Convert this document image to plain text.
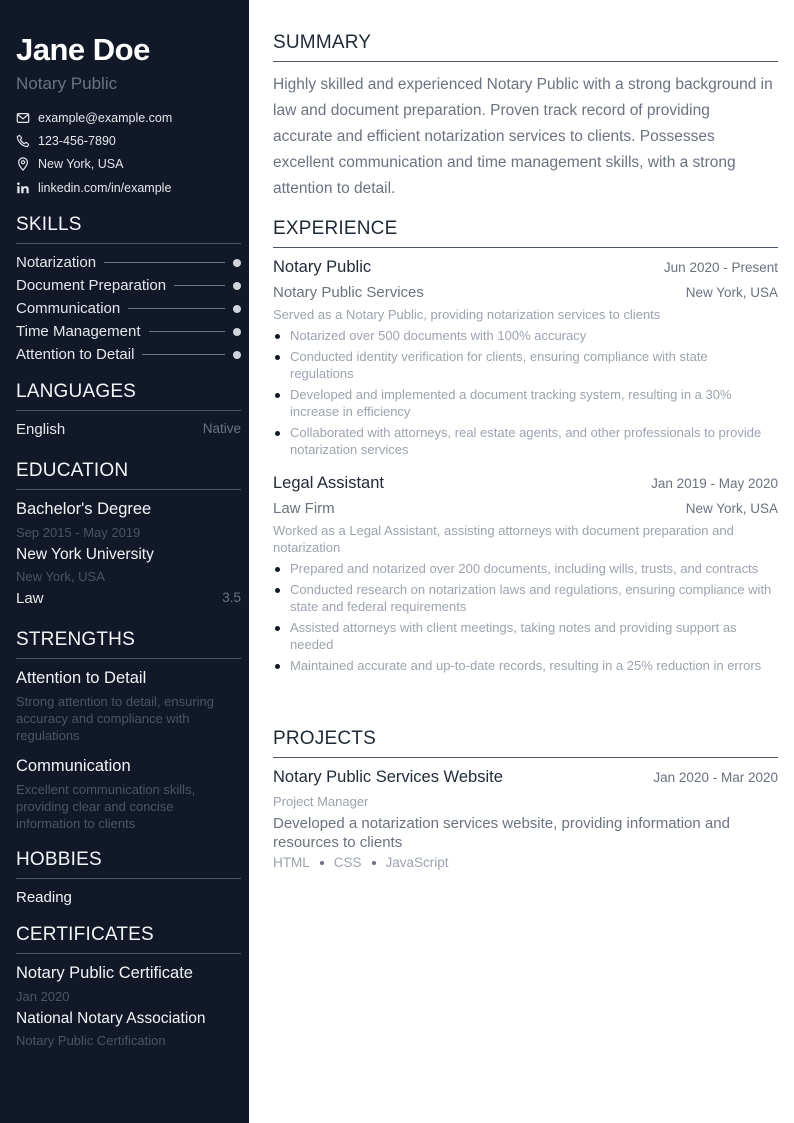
Jane Doe
Notary Public
example@example.com
123-456-7890
New York, USA
linkedin.com/in/example
SKILLS
Notarization
Document Preparation
Communication
Time Management
Attention to Detail
LANGUAGES
English	Native
EDUCATION
Bachelor's Degree
Sep 2015 - May 2019
New York University
New York, USA
Law	3.5
STRENGTHS
Attention to Detail
Strong attention to detail, ensuring accuracy and compliance with regulations
Communication
Excellent communication skills, providing clear and concise information to clients
HOBBIES
Reading
CERTIFICATES
Notary Public Certificate
Jan 2020
National Notary Association
Notary Public Certification
SUMMARY
Highly skilled and experienced Notary Public with a strong background in law and document preparation. Proven track record of providing accurate and efficient notarization services to clients. Possesses excellent communication and time management skills, with a strong attention to detail.
EXPERIENCE
Notary Public	Jun 2020 - Present
Notary Public Services	New York, USA
Served as a Notary Public, providing notarization services to clients
Notarized over 500 documents with 100% accuracy
Conducted identity verification for clients, ensuring compliance with state regulations
Developed and implemented a document tracking system, resulting in a 30% increase in efficiency
Collaborated with attorneys, real estate agents, and other professionals to provide notarization services
Legal Assistant	Jan 2019 - May 2020
Law Firm	New York, USA
Worked as a Legal Assistant, assisting attorneys with document preparation and notarization
Prepared and notarized over 200 documents, including wills, trusts, and contracts
Conducted research on notarization laws and regulations, ensuring compliance with state and federal requirements
Assisted attorneys with client meetings, taking notes and providing support as needed
Maintained accurate and up-to-date records, resulting in a 25% reduction in errors
PROJECTS
Notary Public Services Website	Jan 2020 - Mar 2020
Project Manager
Developed a notarization services website, providing information and resources to clients
HTML CSS JavaScript
